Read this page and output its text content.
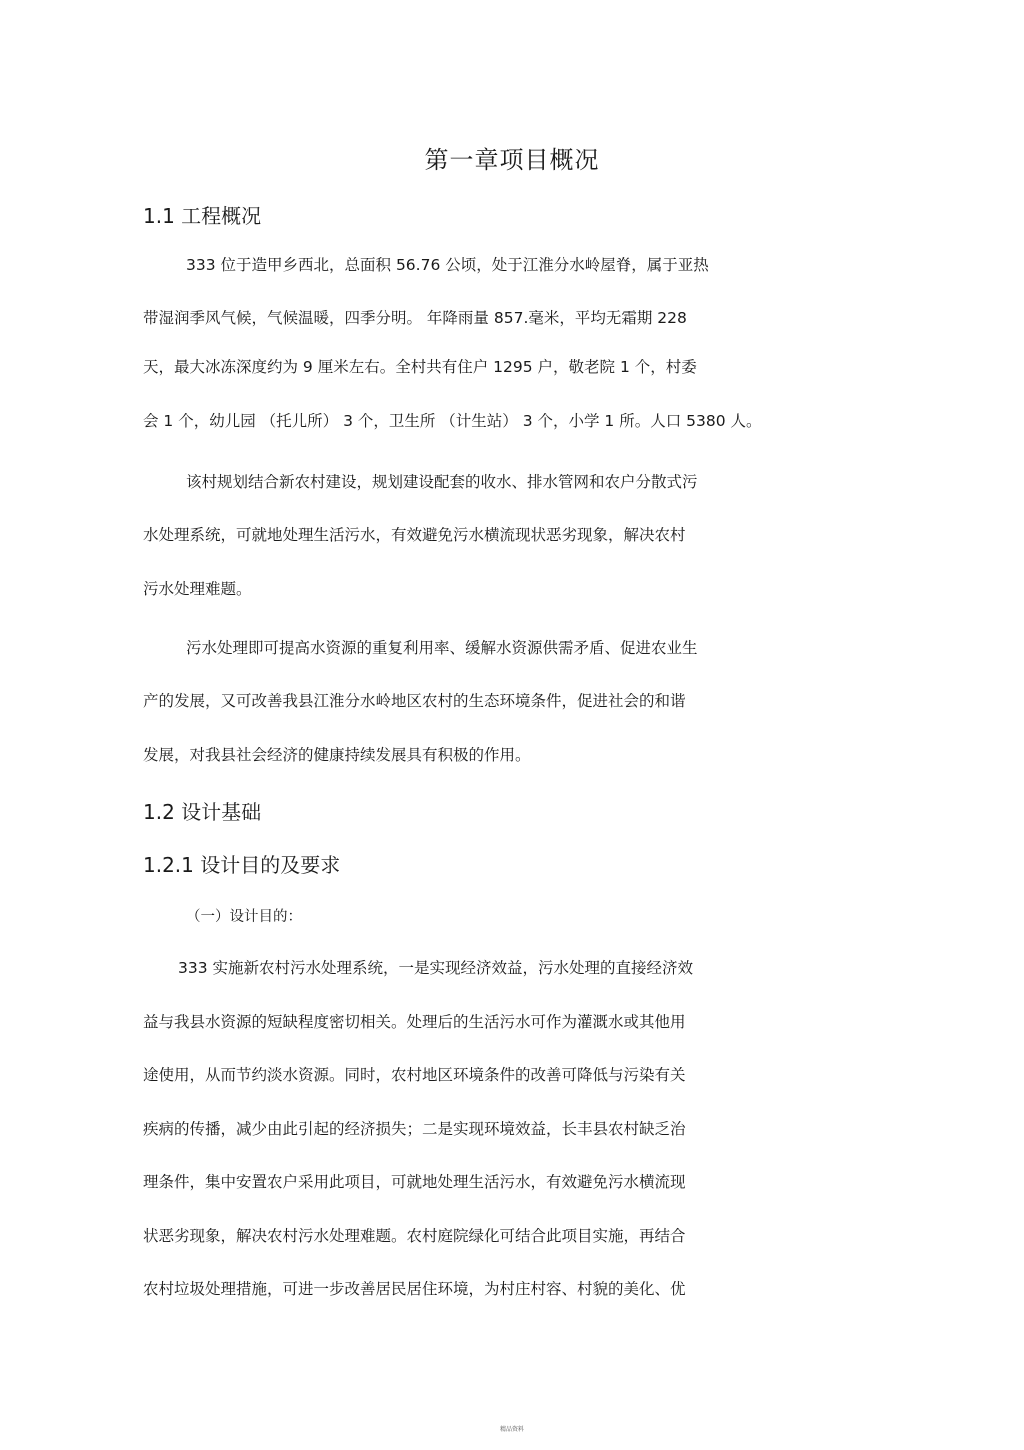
第一章项目概况
1.1 工程概况

333 位于造甲乡西北，总面积 56.76 公顷，处于江淮分水岭屋脊，属于亚热

带湿润季风气候，气候温暖，四季分明。 年降雨量 857.毫米，平均无霜期 228

天，最大冰冻深度约为 9 厘米左右。全村共有住户 1295 户，敬老院 1 个，村委

会 1 个，幼儿园 （托儿所） 3 个，卫生所 （计生站） 3 个，小学 1 所。人口 5380 人。

该村规划结合新农村建设，规划建设配套的收水、排水管网和农户分散式污

水处理系统，可就地处理生活污水，有效避免污水横流现状恶劣现象，解决农村

污水处理难题。

污水处理即可提高水资源的重复利用率、缓解水资源供需矛盾、促进农业生

产的发展，又可改善我县江淮分水岭地区农村的生态环境条件，促进社会的和谐

发展，对我县社会经济的健康持续发展具有积极的作用。

1.2 设计基础
1.2.1 设计目的及要求

（一）设计目的：

333 实施新农村污水处理系统，一是实现经济效益，污水处理的直接经济效

益与我县水资源的短缺程度密切相关。处理后的生活污水可作为灌溉水或其他用

途使用，从而节约淡水资源。同时，农村地区环境条件的改善可降低与污染有关

疾病的传播，减少由此引起的经济损失；二是实现环境效益，长丰县农村缺乏治

理条件，集中安置农户采用此项目，可就地处理生活污水，有效避免污水横流现

状恶劣现象，解决农村污水处理难题。农村庭院绿化可结合此项目实施，再结合

农村垃圾处理措施，可进一步改善居民居住环境，为村庄村容、村貌的美化、优

精品资料
